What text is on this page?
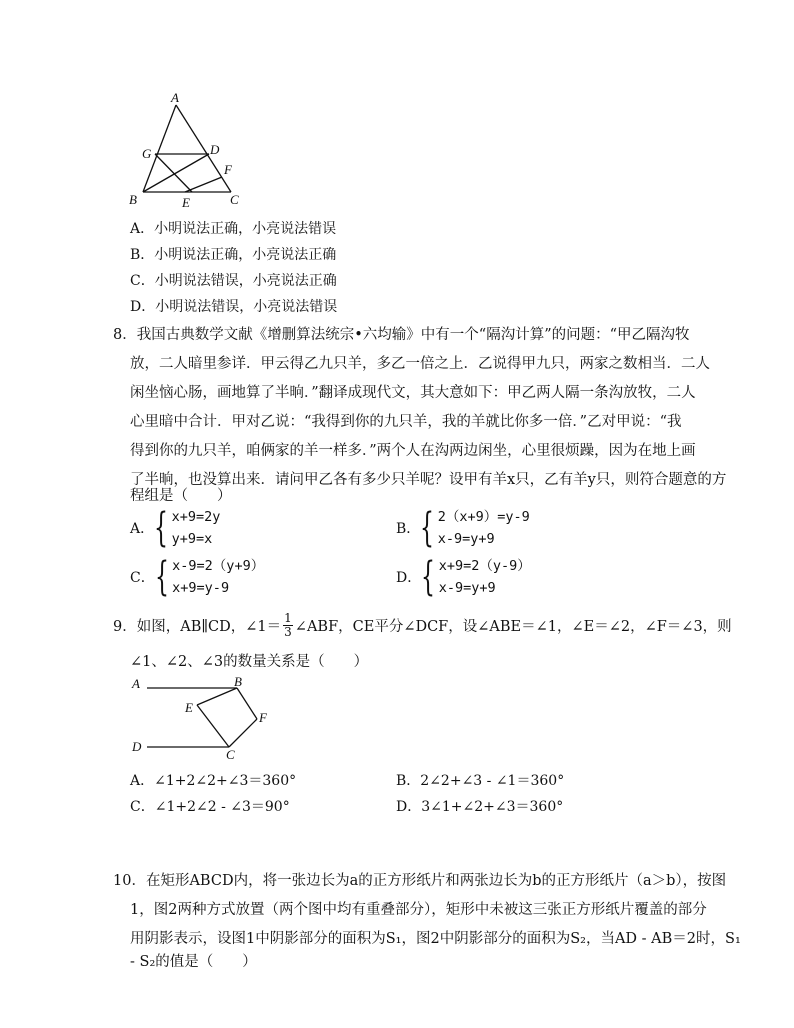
A
G	D
F
B	E	C
A．小明说法正确，小亮说法错误
B．小明说法正确，小亮说法正确
C．小明说法错误，小亮说法正确
D．小明说法错误，小亮说法错误
8．我国古典数学文献《增删算法统宗•六均输》中有一个“隔沟计算”的问题：“甲乙隔沟牧
放，二人暗里参详．甲云得乙九只羊，多乙一倍之上．乙说得甲九只，两家之数相当．二人
闲坐恼心肠，画地算了半晌．”翻译成现代文，其大意如下：甲乙两人隔一条沟放牧，二人
心里暗中合计．甲对乙说：“我得到你的九只羊，我的羊就比你多一倍．”乙对甲说：“我
得到你的九只羊，咱俩家的羊一样多．”两个人在沟两边闲坐，心里很烦躁，因为在地上画
了半晌，也没算出来．请问甲乙各有多少只羊呢？设甲有羊x只，乙有羊y只，则符合题意的方
程组是（　　）
A． { x+9=2y
y+9=x
B． { 2（x+9）=y-9
x-9=y+9
C． { x-9=2（y+9）
x+9=y-9
D． { x+9=2（y-9）
x-9=y+9
9．如图，AB∥CD，∠1＝ $\frac{1}{3}$ ∠ABF，CE平分∠DCF，设∠ABE＝∠1，∠E＝∠2，∠F＝∠3，则
∠1、∠2、∠3的数量关系是（　　）
A	B
E
F
D
C
A．∠1+2∠2+∠3＝360°	B．2∠2+∠3 - ∠1＝360°
C．∠1+2∠2 - ∠3＝90°	D．3∠1+∠2+∠3＝360°
10．在矩形ABCD内，将一张边长为a的正方形纸片和两张边长为b的正方形纸片（a＞b），按图
1，图2两种方式放置（两个图中均有重叠部分），矩形中未被这三张正方形纸片覆盖的部分
用阴影表示，设图1中阴影部分的面积为S₁，图2中阴影部分的面积为S₂，当AD - AB＝2时，S₁
- S₂的值是（　　）
